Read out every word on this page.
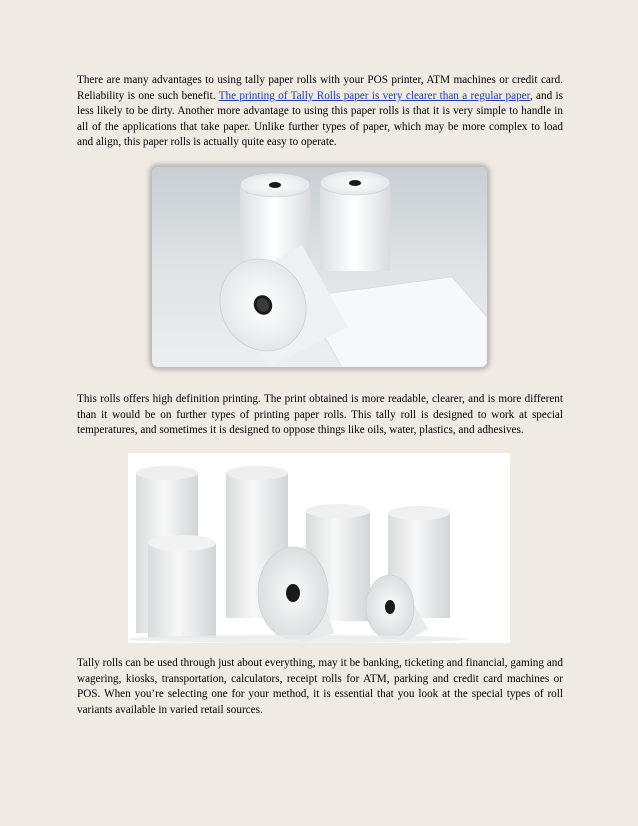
There are many advantages to using tally paper rolls with your POS printer, ATM machines or credit card. Reliability is one such benefit. The printing of Tally Rolls paper is very clearer than a regular paper, and is less likely to be dirty. Another more advantage to using this paper rolls is that it is very simple to handle in all of the applications that take paper. Unlike further types of paper, which may be more complex to load and align, this paper rolls is actually quite easy to operate.

This rolls offers high definition printing. The print obtained is more readable, clearer, and is more different than it would be on further types of printing paper rolls. This tally roll is designed to work at special temperatures, and sometimes it is designed to oppose things like oils, water, plastics, and adhesives.

Tally rolls can be used through just about everything, may it be banking, ticketing and financial, gaming and wagering, kiosks, transportation, calculators, receipt rolls for ATM, parking and credit card machines or POS. When you’re selecting one for your method, it is essential that you look at the special types of roll variants available in varied retail sources.
